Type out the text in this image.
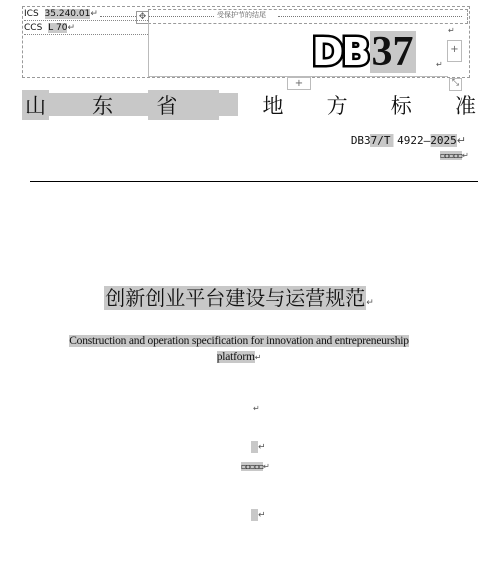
受保护节的结尾
✥
ICS 35.240.01↵
CCS L 70↵
DB 37	↵
↵
+
+	⤡
山 东	省	地 方 标 准
DB37/T 4922—2025↵
▫▫▫▫▫↵
创新创业平台建设与运营规范↵
Construction and operation specification for innovation and entrepreneurship
platform↵
↵
↵
▫▫▫▫▫↵
↵
